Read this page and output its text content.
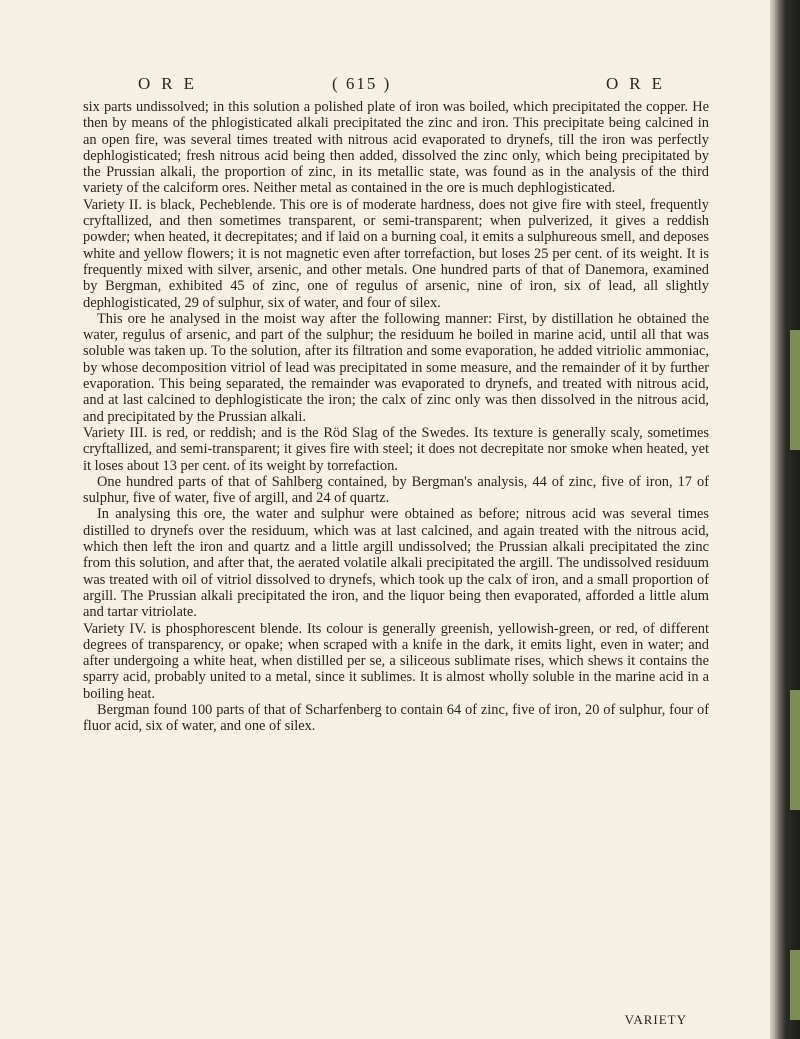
ORE	( 615 )	ORE

six parts undissolved; in this solution a polished plate of iron was boiled, which precipitated the copper. He then by means of the phlogisticated alkali precipitated the zinc and iron. This precipitate being calcined in an open fire, was several times treated with nitrous acid evaporated to drynefs, till the iron was perfectly dephlogisticated; fresh nitrous acid being then added, dissolved the zinc only, which being precipitated by the Prussian alkali, the proportion of zinc, in its metallic state, was found as in the analysis of the third variety of the calciform ores. Neither metal as contained in the ore is much dephlogisticated.

Variety II. is black, Pecheblende. This ore is of moderate hardness, does not give fire with steel, frequently cryftallized, and then sometimes transparent, or semi-transparent; when pulverized, it gives a reddish powder; when heated, it decrepitates; and if laid on a burning coal, it emits a sulphureous smell, and deposes white and yellow flowers; it is not magnetic even after torrefaction, but loses 25 per cent. of its weight. It is frequently mixed with silver, arsenic, and other metals. One hundred parts of that of Danemora, examined by Bergman, exhibited 45 of zinc, one of regulus of arsenic, nine of iron, six of lead, all slightly dephlogisticated, 29 of sulphur, six of water, and four of silex.

This ore he analysed in the moist way after the following manner: First, by distillation he obtained the water, regulus of arsenic, and part of the sulphur; the residuum he boiled in marine acid, until all that was soluble was taken up. To the solution, after its filtration and some evaporation, he added vitriolic ammoniac, by whose decomposition vitriol of lead was precipitated in some measure, and the remainder of it by further evaporation. This being separated, the remainder was evaporated to drynefs, and treated with nitrous acid, and at last calcined to dephlogisticate the iron; the calx of zinc only was then dissolved in the nitrous acid, and precipitated by the Prussian alkali.

Variety III. is red, or reddish; and is the Röd Slag of the Swedes. Its texture is generally scaly, sometimes cryftallized, and semi-transparent; it gives fire with steel; it does not decrepitate nor smoke when heated, yet it loses about 13 per cent. of its weight by torrefaction.

One hundred parts of that of Sahlberg contained, by Bergman's analysis, 44 of zinc, five of iron, 17 of sulphur, five of water, five of argill, and 24 of quartz.

In analysing this ore, the water and sulphur were obtained as before; nitrous acid was several times distilled to drynefs over the residuum, which was at last calcined, and again treated with the nitrous acid, which then left the iron and quartz and a little argill undissolved; the Prussian alkali precipitated the zinc from this solution, and after that, the aerated volatile alkali precipitated the argill. The undissolved residuum was treated with oil of vitriol dissolved to drynefs, which took up the calx of iron, and a small proportion of argill. The Prussian alkali precipitated the iron, and the liquor being then evaporated, afforded a little alum and tartar vitriolate.

Variety IV. is phosphorescent blende. Its colour is generally greenish, yellowish-green, or red, of different degrees of transparency, or opake; when scraped with a knife in the dark, it emits light, even in water; and after undergoing a white heat, when distilled per se, a siliceous sublimate rises, which shews it contains the sparry acid, probably united to a metal, since it sublimes. It is almost wholly soluble in the marine acid in a boiling heat.

Bergman found 100 parts of that of Scharfenberg to contain 64 of zinc, five of iron, 20 of sulphur, four of fluor acid, six of water, and one of silex.

VARIETY
